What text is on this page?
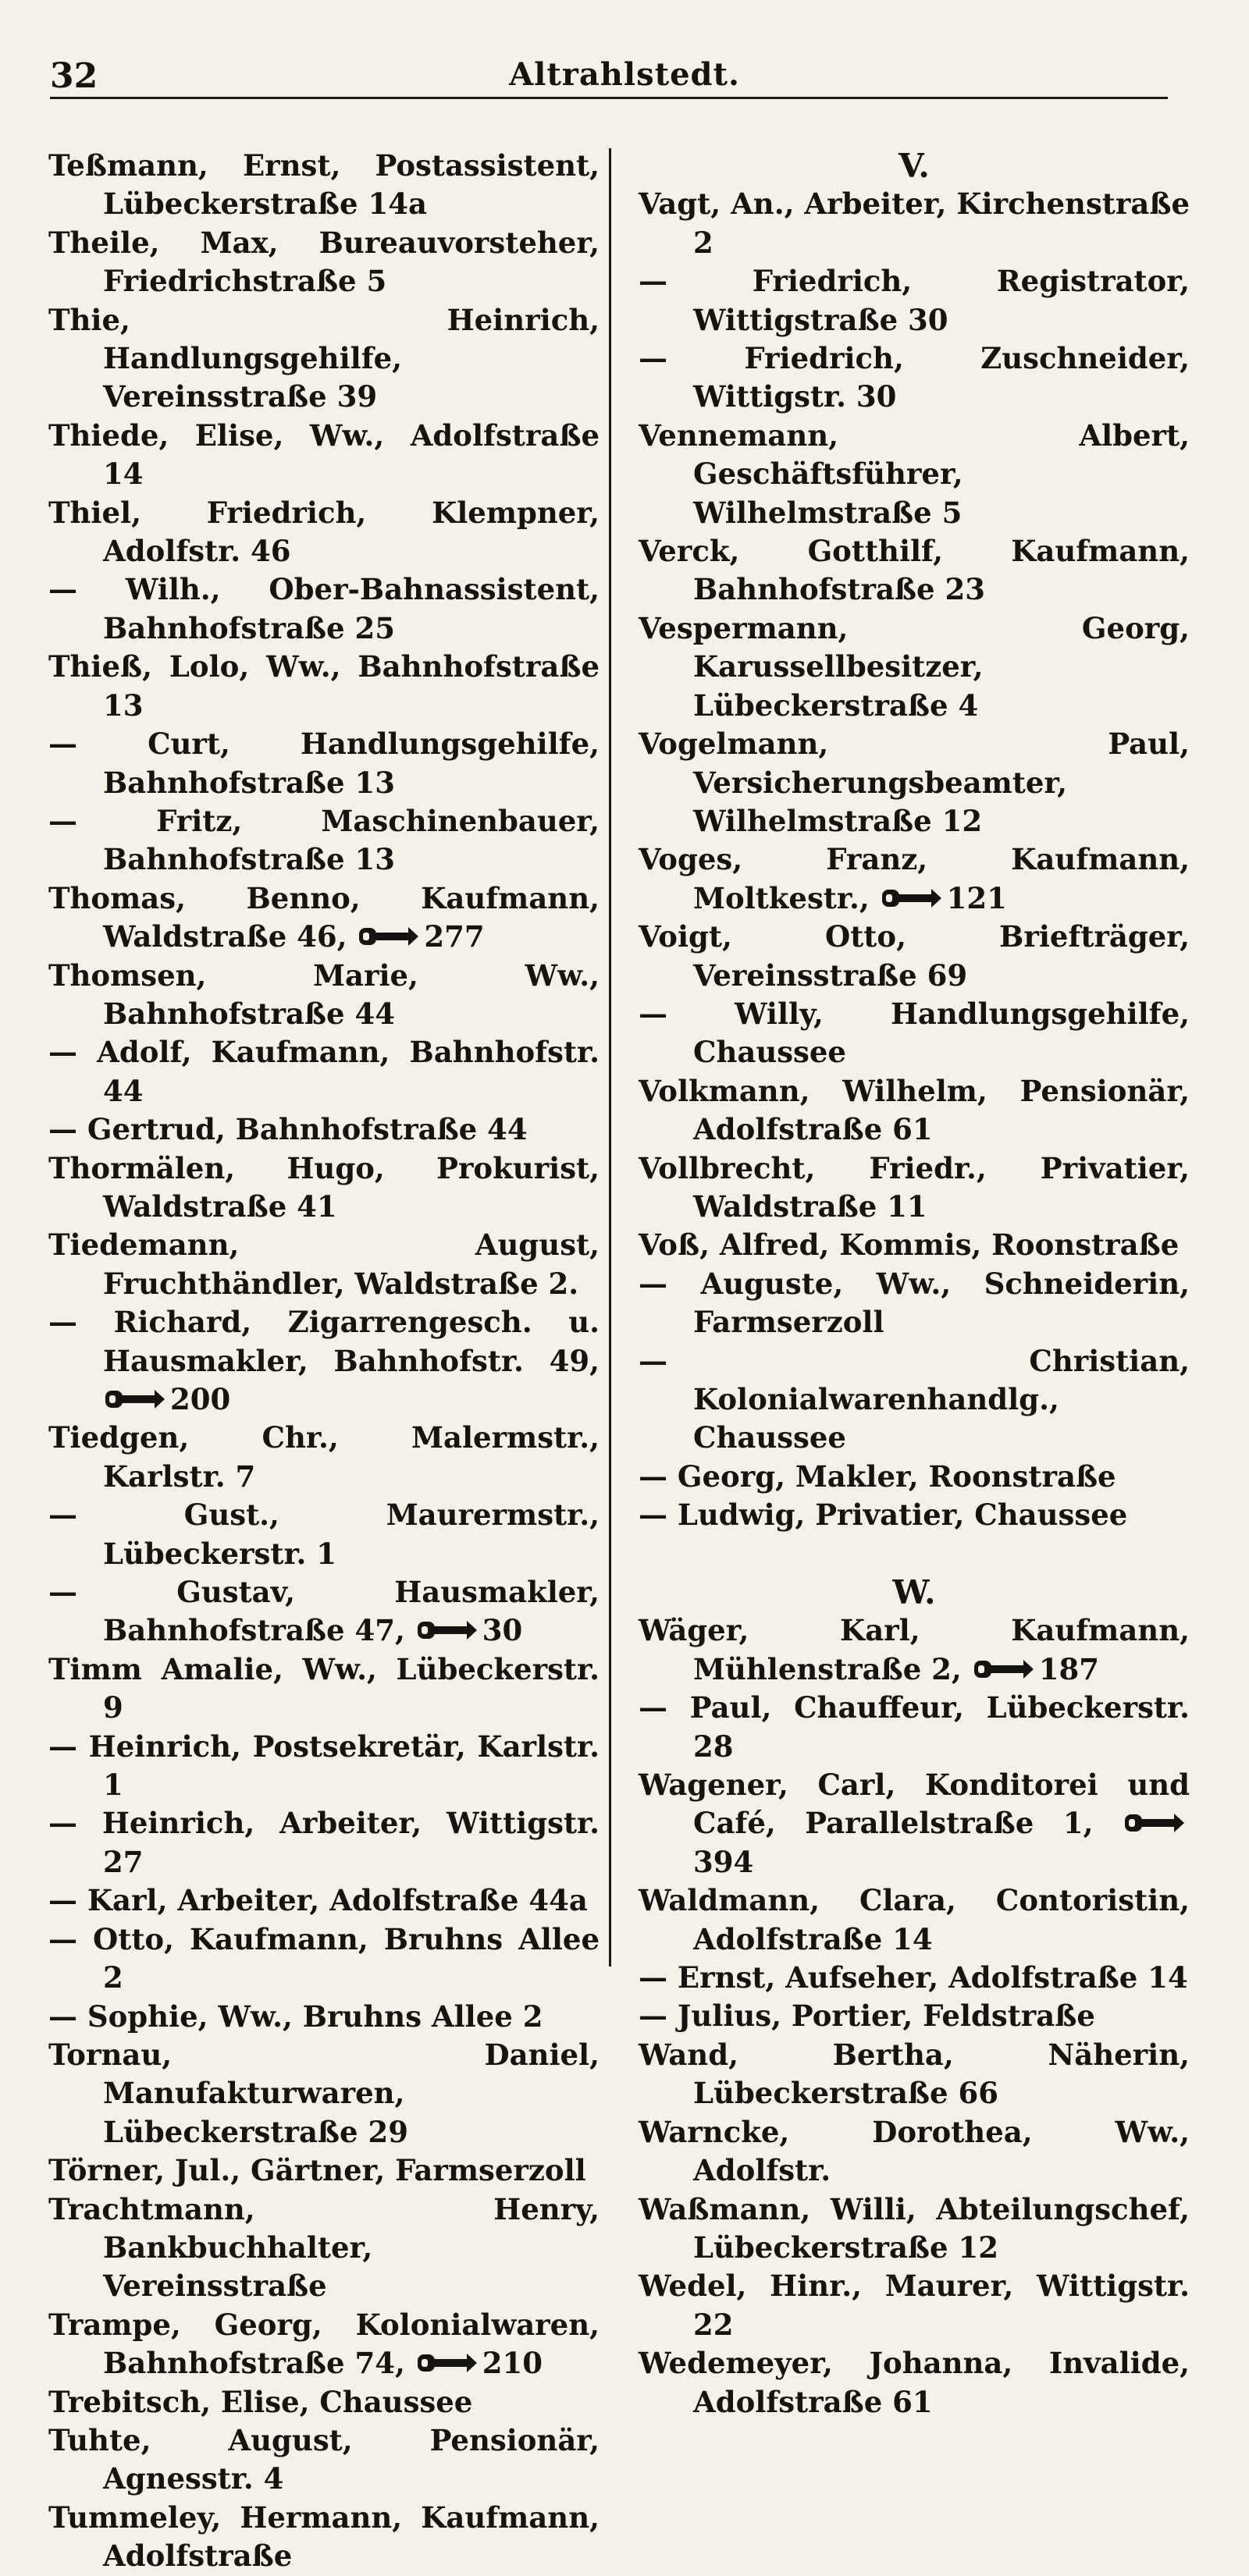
32	Altrahlstedt.

Teßmann, Ernst, Postassistent, Lübeckerstraße 14a

Theile, Max, Bureauvorsteher, Friedrichstraße 5

Thie, Heinrich, Handlungsgehilfe, Vereinsstraße 39

Thiede, Elise, Ww., Adolfstraße 14

Thiel, Friedrich, Klempner, Adolfstr. 46

— Wilh., Ober-Bahnassistent, Bahnhofstraße 25

Thieß, Lolo, Ww., Bahnhofstraße 13

— Curt, Handlungsgehilfe, Bahnhofstraße 13

— Fritz, Maschinenbauer, Bahnhofstraße 13

Thomas, Benno, Kaufmann, Waldstraße 46,	277

Thomsen, Marie, Ww., Bahnhofstraße 44

— Adolf, Kaufmann, Bahnhofstr. 44

— Gertrud, Bahnhofstraße 44

Thormälen, Hugo, Prokurist, Waldstraße 41

Tiedemann, August, Fruchthändler, Waldstraße 2.

— Richard, Zigarrengesch. u. Hausmakler, Bahnhofstr. 49,
200

Tiedgen, Chr., Malermstr., Karlstr. 7

— Gust., Maurermstr., Lübeckerstr. 1

— Gustav, Hausmakler, Bahnhofstraße 47,	30

Timm Amalie, Ww., Lübeckerstr. 9

— Heinrich, Postsekretär, Karlstr. 1

— Heinrich, Arbeiter, Wittigstr. 27

— Karl, Arbeiter, Adolfstraße 44a

— Otto, Kaufmann, Bruhns Allee 2

— Sophie, Ww., Bruhns Allee 2

Tornau, Daniel, Manufakturwaren, Lübeckerstraße 29

Törner, Jul., Gärtner, Farmserzoll

Trachtmann, Henry, Bankbuchhalter, Vereinsstraße

Trampe, Georg, Kolonialwaren, Bahnhofstraße 74,	210

Trebitsch, Elise, Chaussee

Tuhte, August, Pensionär, Agnesstr. 4

Tummeley, Hermann, Kaufmann, Adolfstraße

V.

Vagt, An., Arbeiter, Kirchenstraße 2

— Friedrich, Registrator, Wittigstraße 30

— Friedrich, Zuschneider, Wittigstr. 30

Vennemann, Albert, Geschäftsführer, Wilhelmstraße 5

Verck, Gotthilf, Kaufmann, Bahnhofstraße 23

Vespermann, Georg, Karussellbesitzer, Lübeckerstraße 4

Vogelmann, Paul, Versicherungsbeamter, Wilhelmstraße 12

Voges, Franz, Kaufmann, Moltkestr.,	121

Voigt, Otto, Briefträger, Vereinsstraße 69

— Willy, Handlungsgehilfe, Chaussee

Volkmann, Wilhelm, Pensionär, Adolfstraße 61

Vollbrecht, Friedr., Privatier, Waldstraße 11

Voß, Alfred, Kommis, Roonstraße

— Auguste, Ww., Schneiderin, Farmserzoll

— Christian, Kolonialwarenhandlg., Chaussee

— Georg, Makler, Roonstraße

— Ludwig, Privatier, Chaussee

W.

Wäger, Karl, Kaufmann, Mühlenstraße 2,	187

— Paul, Chauffeur, Lübeckerstr. 28

Wagener, Carl, Konditorei und Café, Parallelstraße 1,
394

Waldmann, Clara, Contoristin, Adolfstraße 14

— Ernst, Aufseher, Adolfstraße 14

— Julius, Portier, Feldstraße

Wand, Bertha, Näherin, Lübeckerstraße 66

Warncke, Dorothea, Ww., Adolfstr.

Waßmann, Willi, Abteilungschef, Lübeckerstraße 12

Wedel, Hinr., Maurer, Wittigstr. 22

Wedemeyer, Johanna, Invalide, Adolfstraße 61
